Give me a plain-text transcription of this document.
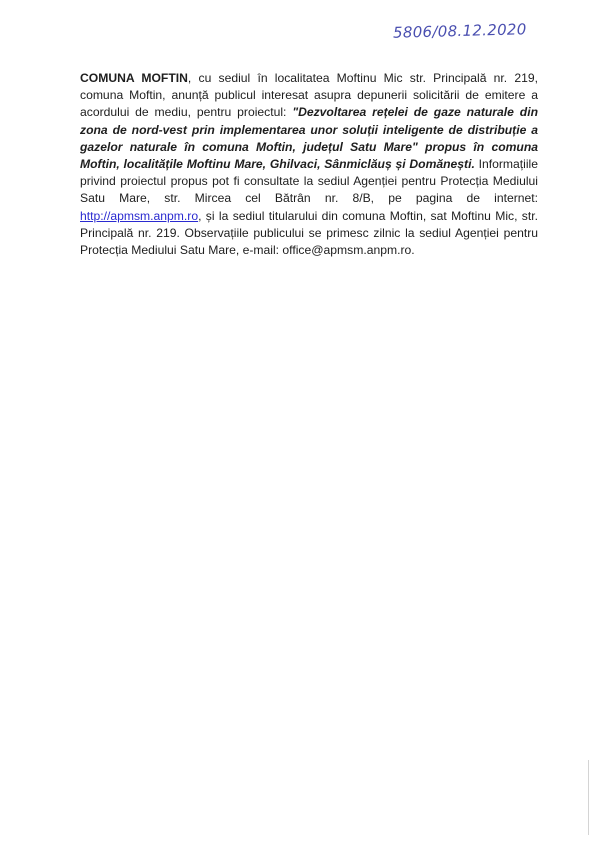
5806/08.12.2020

COMUNA MOFTIN, cu sediul în localitatea Moftinu Mic str. Principală nr. 219, comuna Moftin, anunță publicul interesat asupra depunerii solicitării de emitere a acordului de mediu, pentru proiectul: "Dezvoltarea rețelei de gaze naturale din zona de nord-vest prin implementarea unor soluții inteligente de distribuție a gazelor naturale în comuna Moftin, județul Satu Mare" propus în comuna Moftin, localitățile Moftinu Mare, Ghilvaci, Sânmiclăuș și Domănești. Informațiile privind proiectul propus pot fi consultate la sediul Agenției pentru Protecția Mediului Satu Mare, str. Mircea cel Bătrân nr. 8/B, pe pagina de internet: http://apmsm.anpm.ro, și la sediul titularului din comuna Moftin, sat Moftinu Mic, str. Principală nr. 219. Observațiile publicului se primesc zilnic la sediul Agenției pentru Protecția Mediului Satu Mare, e-mail: office@apmsm.anpm.ro.
